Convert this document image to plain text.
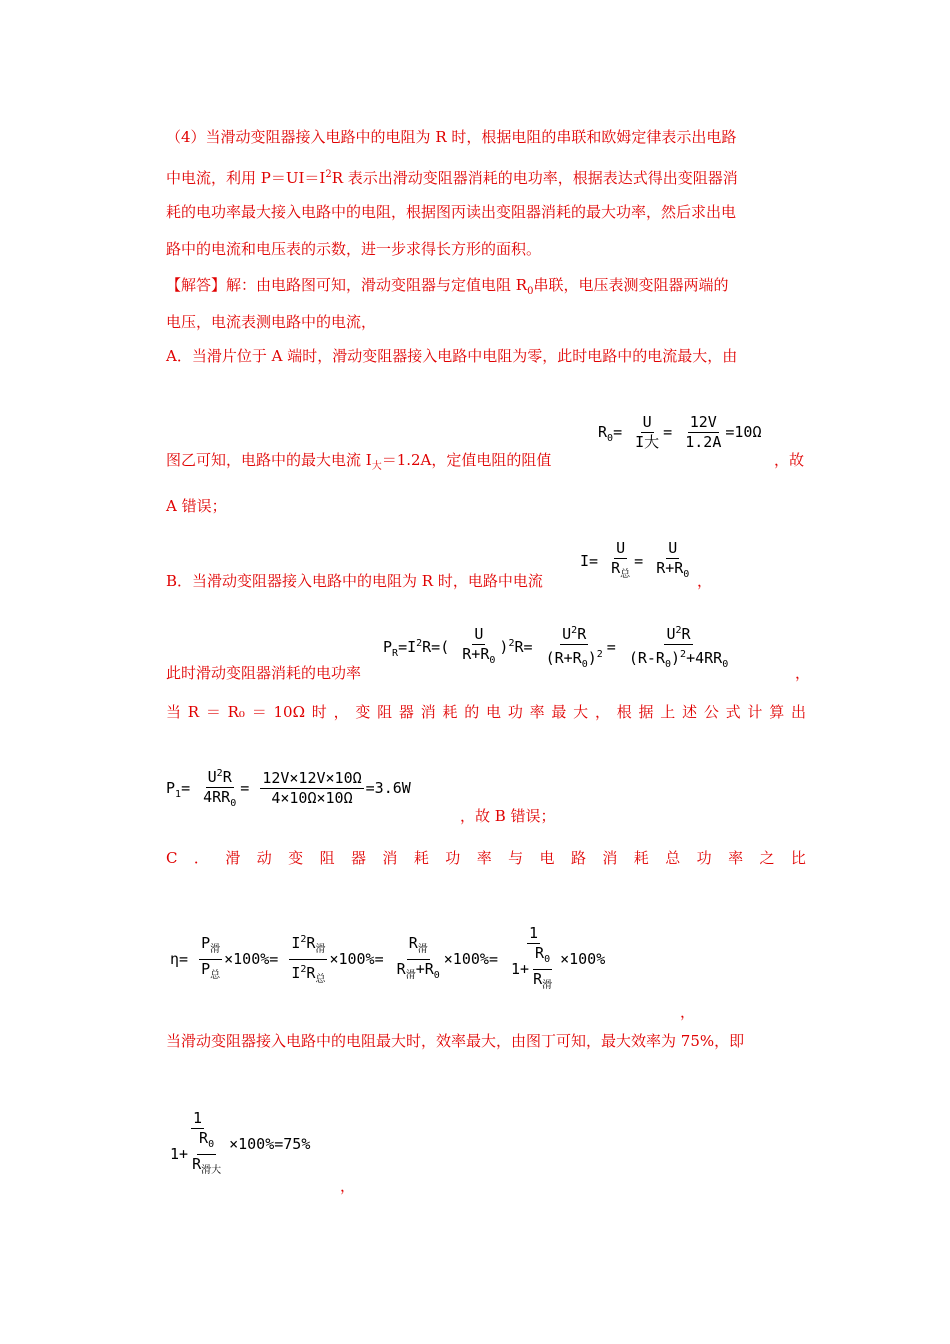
（4）当滑动变阻器接入电路中的电阻为 R 时，根据电阻的串联和欧姆定律表示出电路
中电流，利用 $P=UI=I^2R$ 表示出滑动变阻器消耗的电功率，根据表达式得出变阻器消
耗的电功率最大接入电路中的电阻，根据图丙读出变阻器消耗的最大功率，然后求出电
路中的电流和电压表的示数，进一步求得长方形的面积。
【解答】解：由电路图可知，滑动变阻器与定值电阻 $R_0$串联，电压表测变阻器两端的
电压，电流表测电路中的电流，
A．当滑片位于 A 端时，滑动变阻器接入电路中电阻为零，此时电路中的电流最大，由
图乙可知，电路中的最大电流 $I_大=1.2A$，定值电阻的阻值	，故
A 错误；
$R_0=$
U
I大
= $\frac{12V}{1.2A} =10\Omega$
B．当滑动变阻器接入电路中的电阻为 R 时，电路中电流
I=
U
$R_总$
= $\frac{U}{R+R_0}$ ，
此时滑动变阻器消耗的电功率
$P_R=I^2R=( \frac{U}{R+R_0} )^2R= \frac{U^2R}{(R+R_0)^2} = \frac{U^2R}{(R-R_0)^2+4RR_0}$	，
当 R ＝ R₀ ＝ 10Ω 时 ， 变 阻 器 消 耗 的 电 功 率 最 大 ， 根 据 上 述 公 式 计 算 出
$P_1= \frac{U^2R}{4RR_0} = \frac{12V\times 12V\times 10\Omega}{4\times 10\Omega\times 10\Omega} =3.6W$
，故 B 错误；
C ． 滑 动 变 阻 器 消 耗 功 率 与 电 路 消 耗 总 功 率 之 比
η=
$P_滑$
$P_总$
×100%=
$I^2R_滑$
$I^2R_总$
×100%=
$R_滑$
$R_滑+R_0$
×100%=
1
1+
$R_0$
$R_滑$
×100%
，
当滑动变阻器接入电路中的电阻最大时，效率最大，由图丁可知，最大效率为 75%，即
1
1+
$R_0$
$R_{滑大}$
×100%=75%
，
